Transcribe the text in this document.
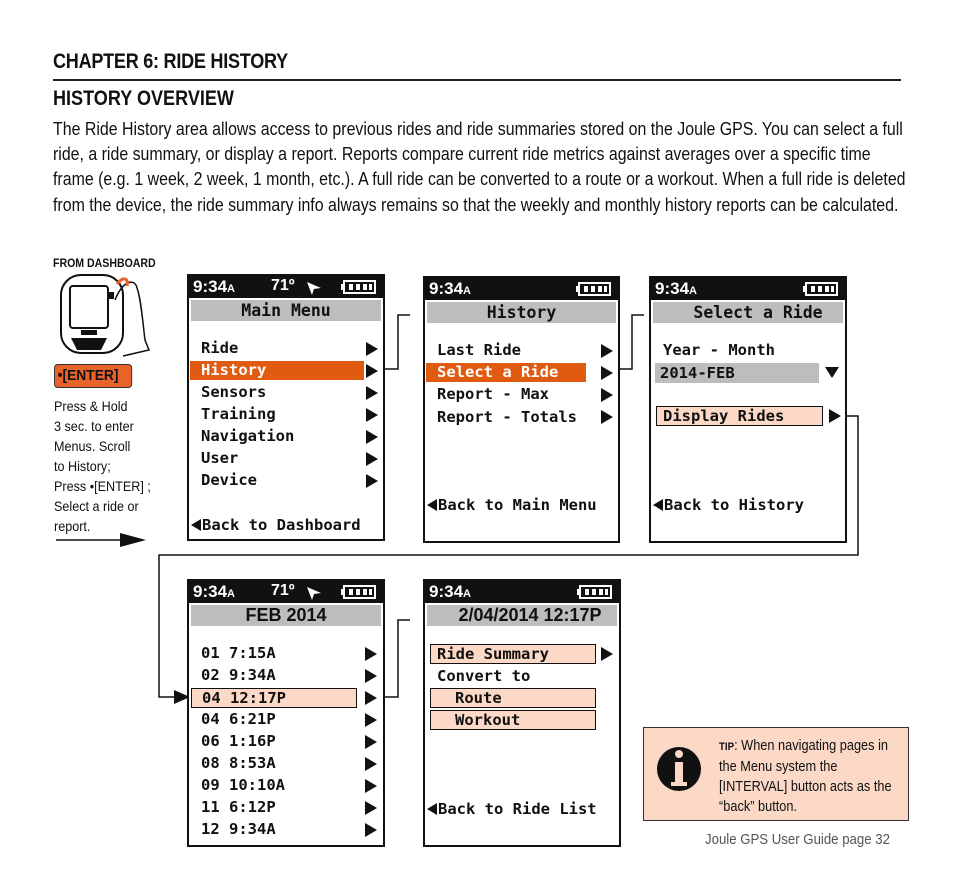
CHAPTER 6: RIDE HISTORY
HISTORY OVERVIEW
The Ride History area allows access to previous rides and ride summaries stored on the Joule GPS. You can select a full ride, a ride summary, or display a report. Reports compare current ride metrics against averages over a specific time frame (e.g. 1 week, 2 week, 1 month, etc.). A full ride can be converted to a route or a workout. When a full ride is deleted from the device, the ride summary info always remains so that the weekly and monthly history reports can be calculated.
FROM DASHBOARD
•[ENTER]
Press & Hold
3 sec. to enter
Menus. Scroll
to History;
Press •[ENTER] ;
Select a ride or
report.
9:34A 71º
Main Menu
Ride
History
Sensors
Training
Navigation
User
Device
Back to Dashboard
9:34A
History
Last Ride
Select a Ride
Report - Max
Report - Totals
Back to Main Menu
9:34A
Select a Ride
Year - Month
2014-FEB
Display Rides
Back to History
9:34A 71º
FEB 2014
01 7:15A
02 9:34A
04 12:17P
04 6:21P
06 1:16P
08 8:53A
09 10:10A
11 6:12P
12 9:34A
9:34A
2/04/2014 12:17P
Ride Summary
Convert to
Route
Workout
Back to Ride List
TIP: When navigating pages in the Menu system the [INTERVAL] button acts as the “back” button.
Joule GPS User Guide page 32
